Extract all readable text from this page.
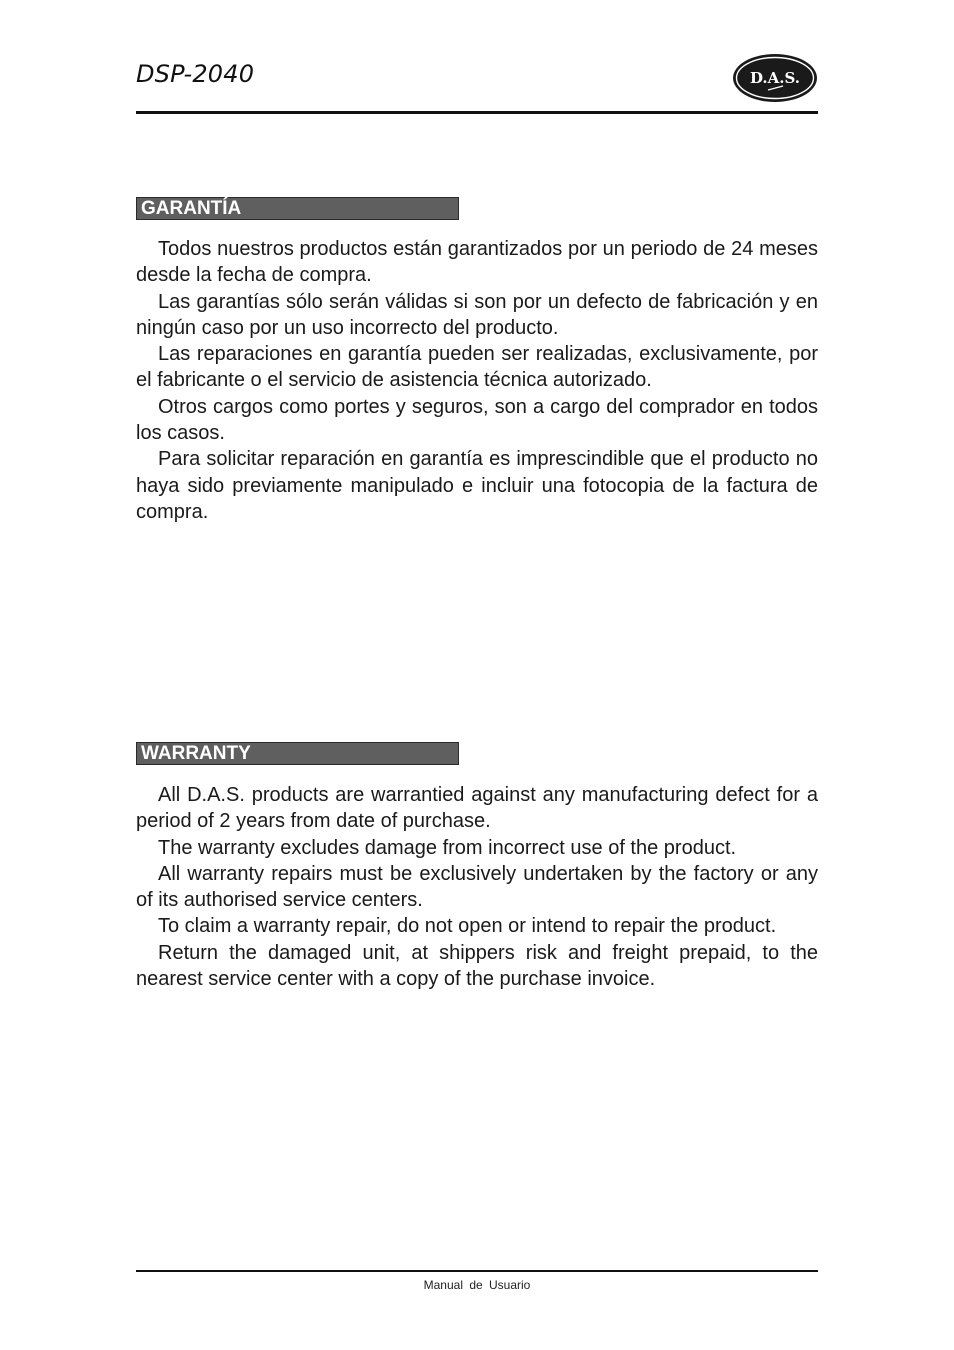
DSP-2040	D.A.S.
GARANTÍA

Todos nuestros productos están garantizados por un periodo de 24 meses desde la fecha de compra.

Las garantías sólo serán válidas si son por un defecto de fabricación y en ningún caso por un uso incorrecto del producto.

Las reparaciones en garantía pueden ser realizadas, exclusivamente, por el fabricante o el servicio de asistencia técnica autorizado.

Otros cargos como portes y seguros, son a cargo del comprador en todos los casos.

Para solicitar reparación en garantía es imprescindible que el producto no haya sido previamente manipulado e incluir una fotocopia de la factura de compra.

WARRANTY

All D.A.S. products are warrantied against any manufacturing defect for a period of 2 years from date of purchase.

The warranty excludes damage from incorrect use of the product.

All warranty repairs must be exclusively undertaken by the factory or any of its authorised service centers.

To claim a warranty repair, do not open or intend to repair the product.

Return the damaged unit, at shippers risk and freight prepaid, to the nearest service center with a copy of the purchase invoice.

Manual de Usuario
